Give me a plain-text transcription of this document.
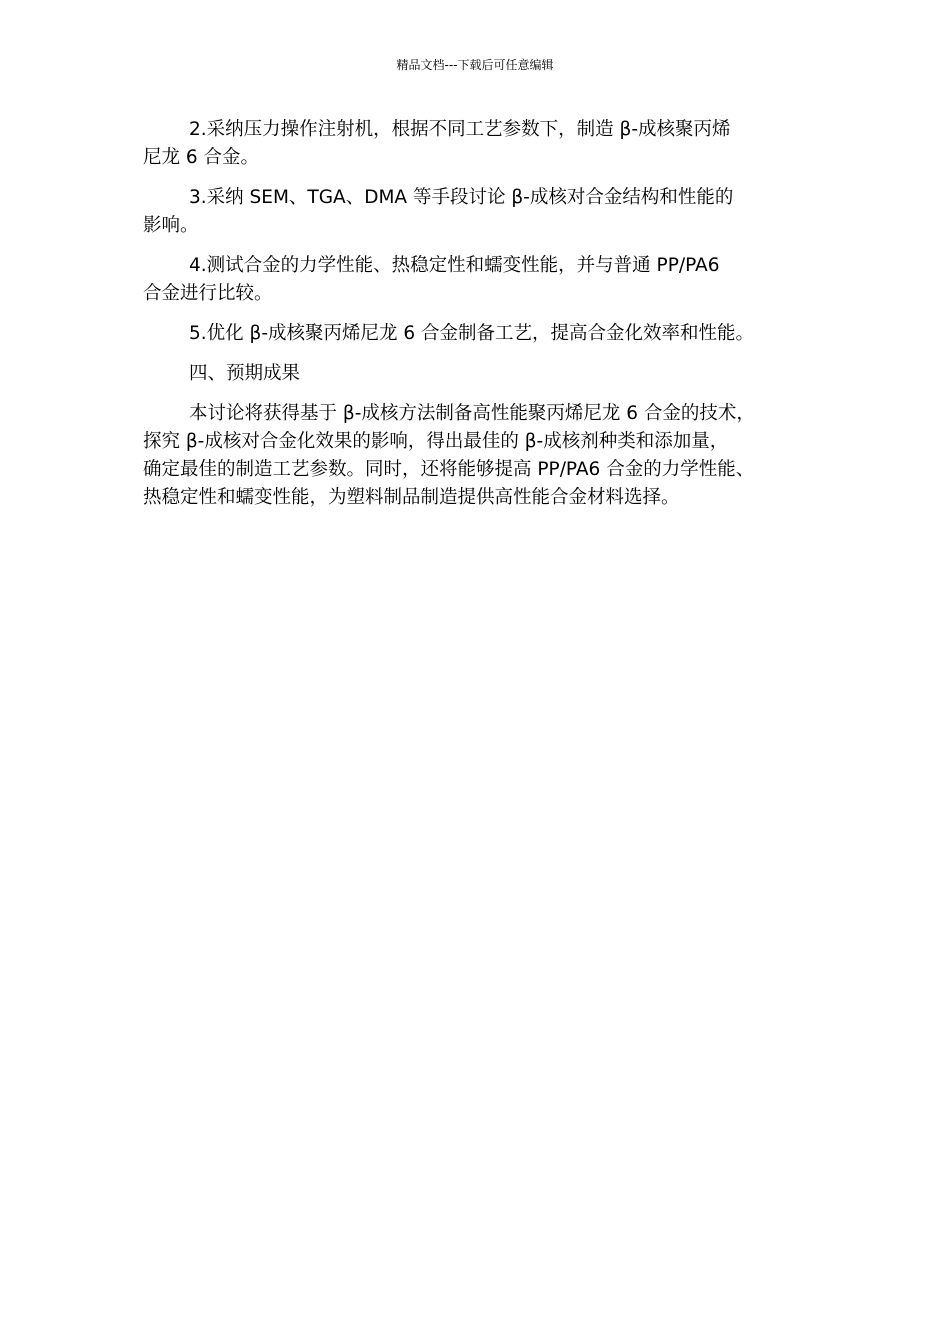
精品文档---下载后可任意编辑

2.采纳压力操作注射机，根据不同工艺参数下，制造 β-成核聚丙烯
尼龙 6 合金。

3.采纳 SEM、TGA、DMA 等手段讨论 β-成核对合金结构和性能的
影响。

4.测试合金的力学性能、热稳定性和蠕变性能，并与普通 PP/PA6
合金进行比较。

5.优化 β-成核聚丙烯尼龙 6 合金制备工艺，提高合金化效率和性能。

四、预期成果

本讨论将获得基于 β-成核方法制备高性能聚丙烯尼龙 6 合金的技术，
探究 β-成核对合金化效果的影响，得出最佳的 β-成核剂种类和添加量，
确定最佳的制造工艺参数。同时，还将能够提高 PP/PA6 合金的力学性能、
热稳定性和蠕变性能，为塑料制品制造提供高性能合金材料选择。
